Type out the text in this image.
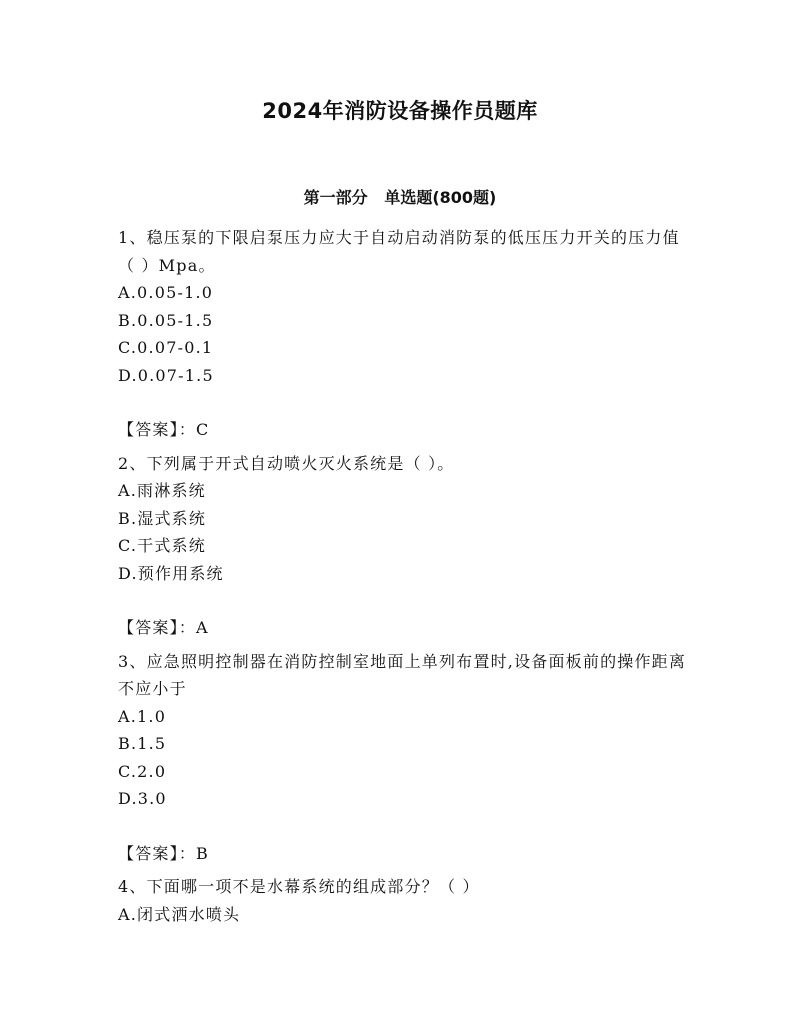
2024年消防设备操作员题库
第一部分   单选题(800题)
1、稳压泵的下限启泵压力应大于自动启动消防泵的低压压力开关的压力值（ ）Mpa。
A.0.05-1.0
B.0.05-1.5
C.0.07-0.1
D.0.07-1.5
【答案】：C
2、下列属于开式自动喷火灭火系统是（ ）。
A.雨淋系统
B.湿式系统
C.干式系统
D.预作用系统
【答案】：A
3、应急照明控制器在消防控制室地面上单列布置时,设备面板前的操作距离不应小于
A.1.0
B.1.5
C.2.0
D.3.0
【答案】：B
4、下面哪一项不是水幕系统的组成部分？（ ）
A.闭式洒水喷头
